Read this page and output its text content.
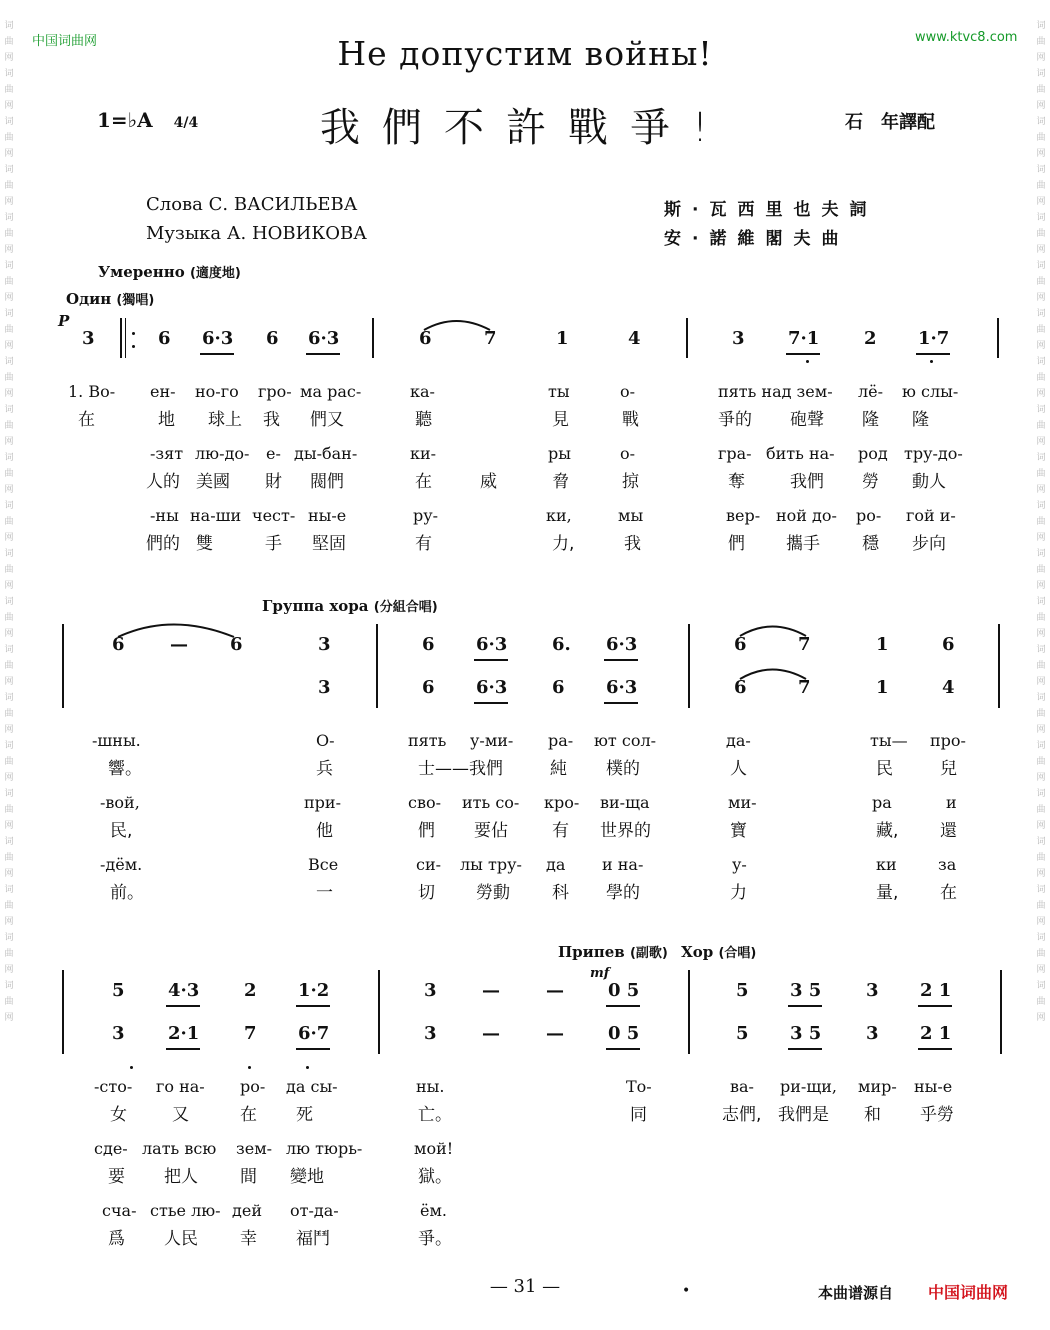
词
曲
网
词
曲
网
词
曲
网
词
曲
网
词
曲
网
词
曲
网
词
曲
网
词
曲
网
词
曲
网
词
曲
网
词
曲
网
词
曲
网
词
曲
网
词
曲
网
词
曲
网
词
曲
网
词
曲
网
词
曲
网
词
曲
网
词
曲
网
词
曲
网
词
曲
网
词
曲
网
词
曲
网
词
曲
网
词
曲
网
词
曲
网
词
曲
网
词
曲
网
词
曲
网
词
曲
网
词
曲
网
词
曲
网
词
曲
网
词
曲
网
词
曲
网
词
曲
网
词
曲
网
词
曲
网
词
曲
网
词
曲
网
词
曲
网
中国词曲网	www.ktvc8.com
Не допустим войны!
我們不許戰爭!
1=♭A 4/4	石　年譯配
Слова С. ВАСИЛЬЕВА
Музыка А. НОВИКОВА
斯·瓦西里也夫詞
安·諾維閣夫曲
Умеренно (適度地)
Один (獨唱)
P
Группа хора (分組合唱)
Припев (副歌) Хор (合唱)
mf
3	6 6·3 6 6·3	6	7	1	4	3 7·1 2 1·7
1. Во- ен- но-го гро- ма рас-	ка-	ты	о-	пять над зем- лё- ю слы-
在	地 球上 我 們又	聽	見	戰	爭的 砲聲 隆 隆
-зят лю-до- е- ды-бан-	ки-	ры	о-	гра- бить на- род тру-до-
人的 美國 財 閥們	在	威	脅	掠	奪	我們 勞 動人
-ны на-ши чест- ны-е	ру-	ки,	мы	вер- ной до- ро- гой и-
們的 雙	手 堅固	有	力,	我	們 攜手 穩 步向
6	— 6	3	6 6·3 6. 6·3	6	7	1	6
3	6 6·3 6 6·3	6	7	1	4
-шны.	О-	пять у-ми- ра- ют сол-	да-	ты— про-
響。	兵	士——我們	純 樸的	人	民	兒
-вой,	при-	сво- ить со- кро- ви-ща	ми-	ра	и
民,	他	們 要佔	有 世界的	寶	藏, 還
-дём.	Все	си- лы тру- да и на-	у-	ки	за
前。	一	切 勞動 科 學的	力	量, 在
5 4·3 2 1·2	3	—	— 0 5	5 3 5 3 2 1
3 2·1 7 6·7	3	—	— 0 5	5 3 5 3 2 1
-сто- го на- ро- да сы-	ны.	То-	ва- ри-щи, мир- ны-е
女	又	在 死	亡。	同	志們, 我們是 和 乎勞
сде- лать всю зем- лю тюрь-	мой!
要 把人 間 變地	獄。
сча- стье лю- дей от-да-	ём.
爲 人民 幸 福鬥	爭。
— 31 —	•	本曲谱源自 中国词曲网
